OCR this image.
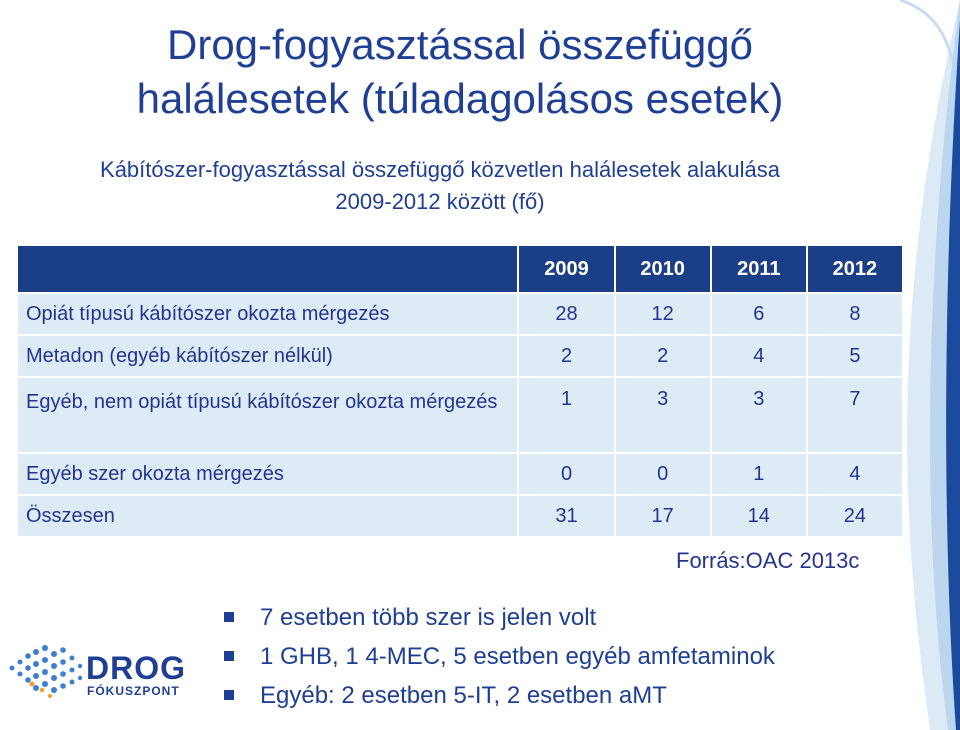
Drog-fogyasztással összefüggő
halálesetek (túladagolásos esetek)
Kábítószer-fogyasztással összefüggő közvetlen halálesetek alakulása
2009-2012 között (fő)
	2009	2010	2011	2012
Opiát típusú kábítószer okozta mérgezés	28	12	6	8
Metadon (egyéb kábítószer nélkül)	2	2	4	5
Egyéb, nem opiát típusú kábítószer okozta mérgezés	1	3	3	7
Egyéb szer okozta mérgezés	0	0	1	4
Összesen	31	17	14	24
Forrás:OAC 2013c
7 esetben több szer is jelen volt
1 GHB, 1 4-MEC, 5 esetben egyéb amfetaminok
Egyéb: 2 esetben 5-IT, 2 esetben aMT
DROG
FÓKUSZPONT
